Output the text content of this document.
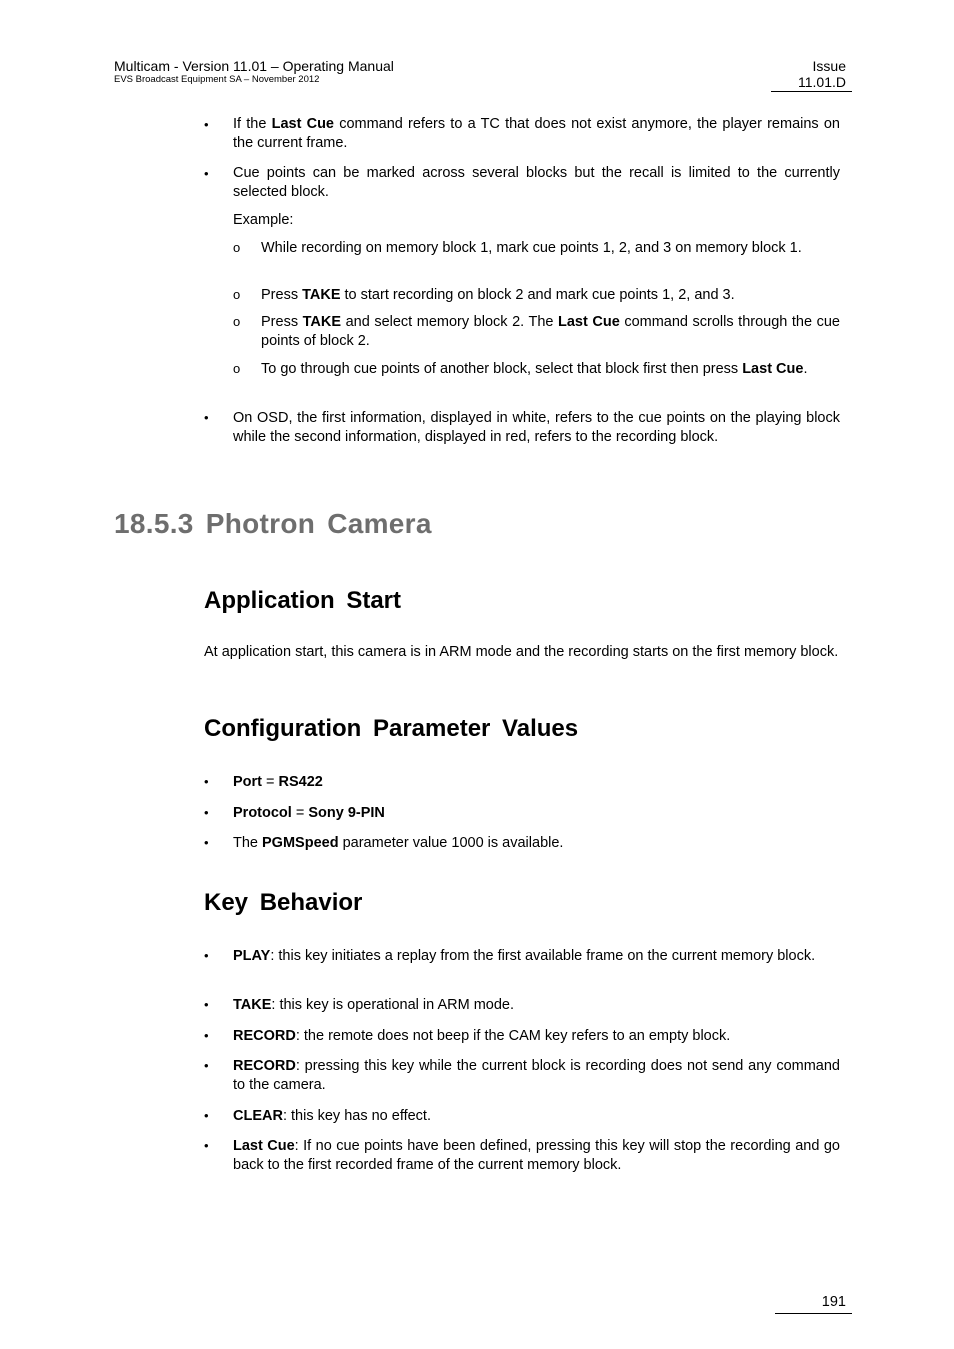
Multicam - Version 11.01 – Operating Manual
EVS Broadcast Equipment SA – November 2012
Issue
11.01.D
• If the Last Cue command refers to a TC that does not exist anymore, the player remains on the current frame.
• Cue points can be marked across several blocks but the recall is limited to the currently selected block.
Example:
o While recording on memory block 1, mark cue points 1, 2, and 3 on memory block 1.
o Press TAKE to start recording on block 2 and mark cue points 1, 2, and 3.
o Press TAKE and select memory block 2. The Last Cue command scrolls through the cue points of block 2.
o To go through cue points of another block, select that block first then press Last Cue.
• On OSD, the first information, displayed in white, refers to the cue points on the playing block while the second information, displayed in red, refers to the recording block.
18.5.3 Photron Camera
Application Start
At application start, this camera is in ARM mode and the recording starts on the first memory block.
Configuration Parameter Values
• Port = RS422
• Protocol = Sony 9-PIN
• The PGMSpeed parameter value 1000 is available.
Key Behavior
• PLAY: this key initiates a replay from the first available frame on the current memory block.
• TAKE: this key is operational in ARM mode.
• RECORD: the remote does not beep if the CAM key refers to an empty block.
• RECORD: pressing this key while the current block is recording does not send any command to the camera.
• CLEAR: this key has no effect.
• Last Cue: If no cue points have been defined, pressing this key will stop the recording and go back to the first recorded frame of the current memory block.
191
